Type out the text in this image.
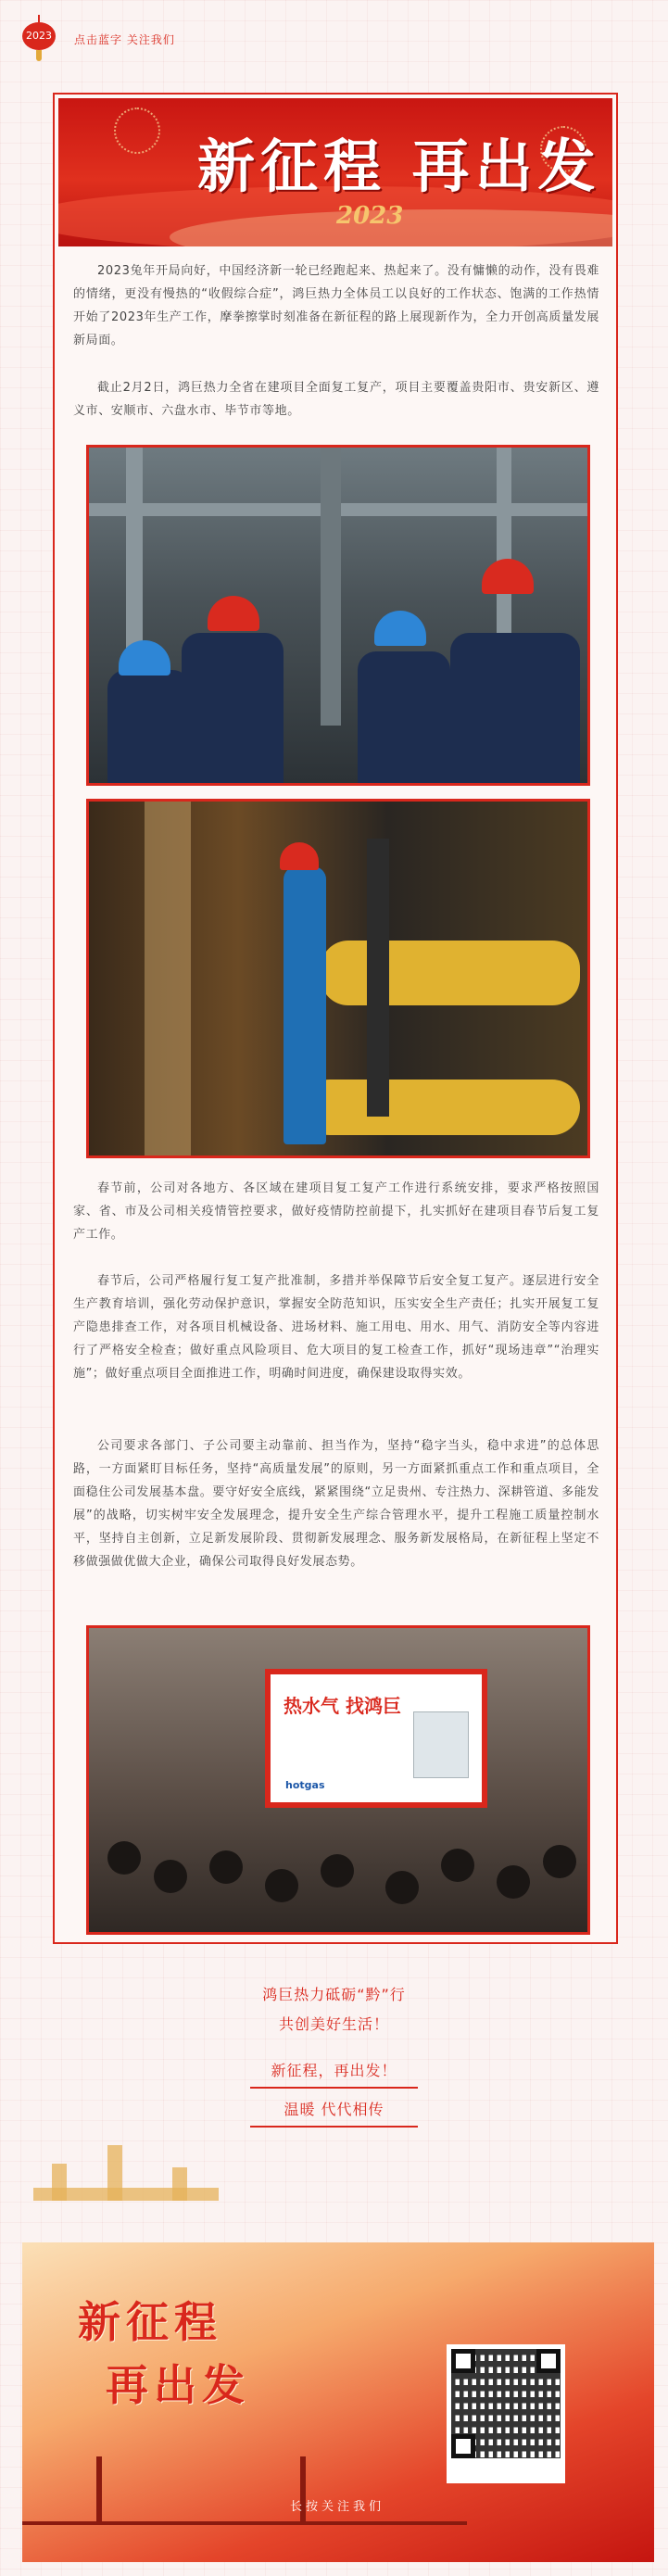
2023	点击蓝字 关注我们
新征程 再出发
2023

2023兔年开局向好，中国经济新一轮已经跑起来、热起来了。没有慵懒的动作，没有畏难的情绪，更没有慢热的“收假综合症”，鸿巨热力全体员工以良好的工作状态、饱满的工作热情开始了2023年生产工作，摩拳擦掌时刻准备在新征程的路上展现新作为，全力开创高质量发展新局面。

截止2月2日，鸿巨热力全省在建项目全面复工复产，项目主要覆盖贵阳市、贵安新区、遵义市、安顺市、六盘水市、毕节市等地。

春节前，公司对各地方、各区域在建项目复工复产工作进行系统安排，要求严格按照国家、省、市及公司相关疫情管控要求，做好疫情防控前提下，扎实抓好在建项目春节后复工复产工作。

春节后，公司严格履行复工复产批准制，多措并举保障节后安全复工复产。逐层进行安全生产教育培训，强化劳动保护意识，掌握安全防范知识，压实安全生产责任；扎实开展复工复产隐患排查工作，对各项目机械设备、进场材料、施工用电、用水、用气、消防安全等内容进行了严格安全检查；做好重点风险项目、危大项目的复工检查工作，抓好“现场违章”“治理实施”；做好重点项目全面推进工作，明确时间进度，确保建设取得实效。

公司要求各部门、子公司要主动靠前、担当作为，坚持“稳字当头，稳中求进”的总体思路，一方面紧盯目标任务，坚持“高质量发展”的原则，另一方面紧抓重点工作和重点项目，全面稳住公司发展基本盘。要守好安全底线，紧紧围绕“立足贵州、专注热力、深耕管道、多能发展”的战略，切实树牢安全发展理念，提升安全生产综合管理水平，提升工程施工质量控制水平，坚持自主创新，立足新发展阶段、贯彻新发展理念、服务新发展格局，在新征程上坚定不移做强做优做大企业，确保公司取得良好发展态势。

热水气 找鸿巨
hotgas
鸿巨热力砥砺“黔”行
共创美好生活！
新征程，再出发！
温暖 代代相传
新征程
再出发
长按关注我们
